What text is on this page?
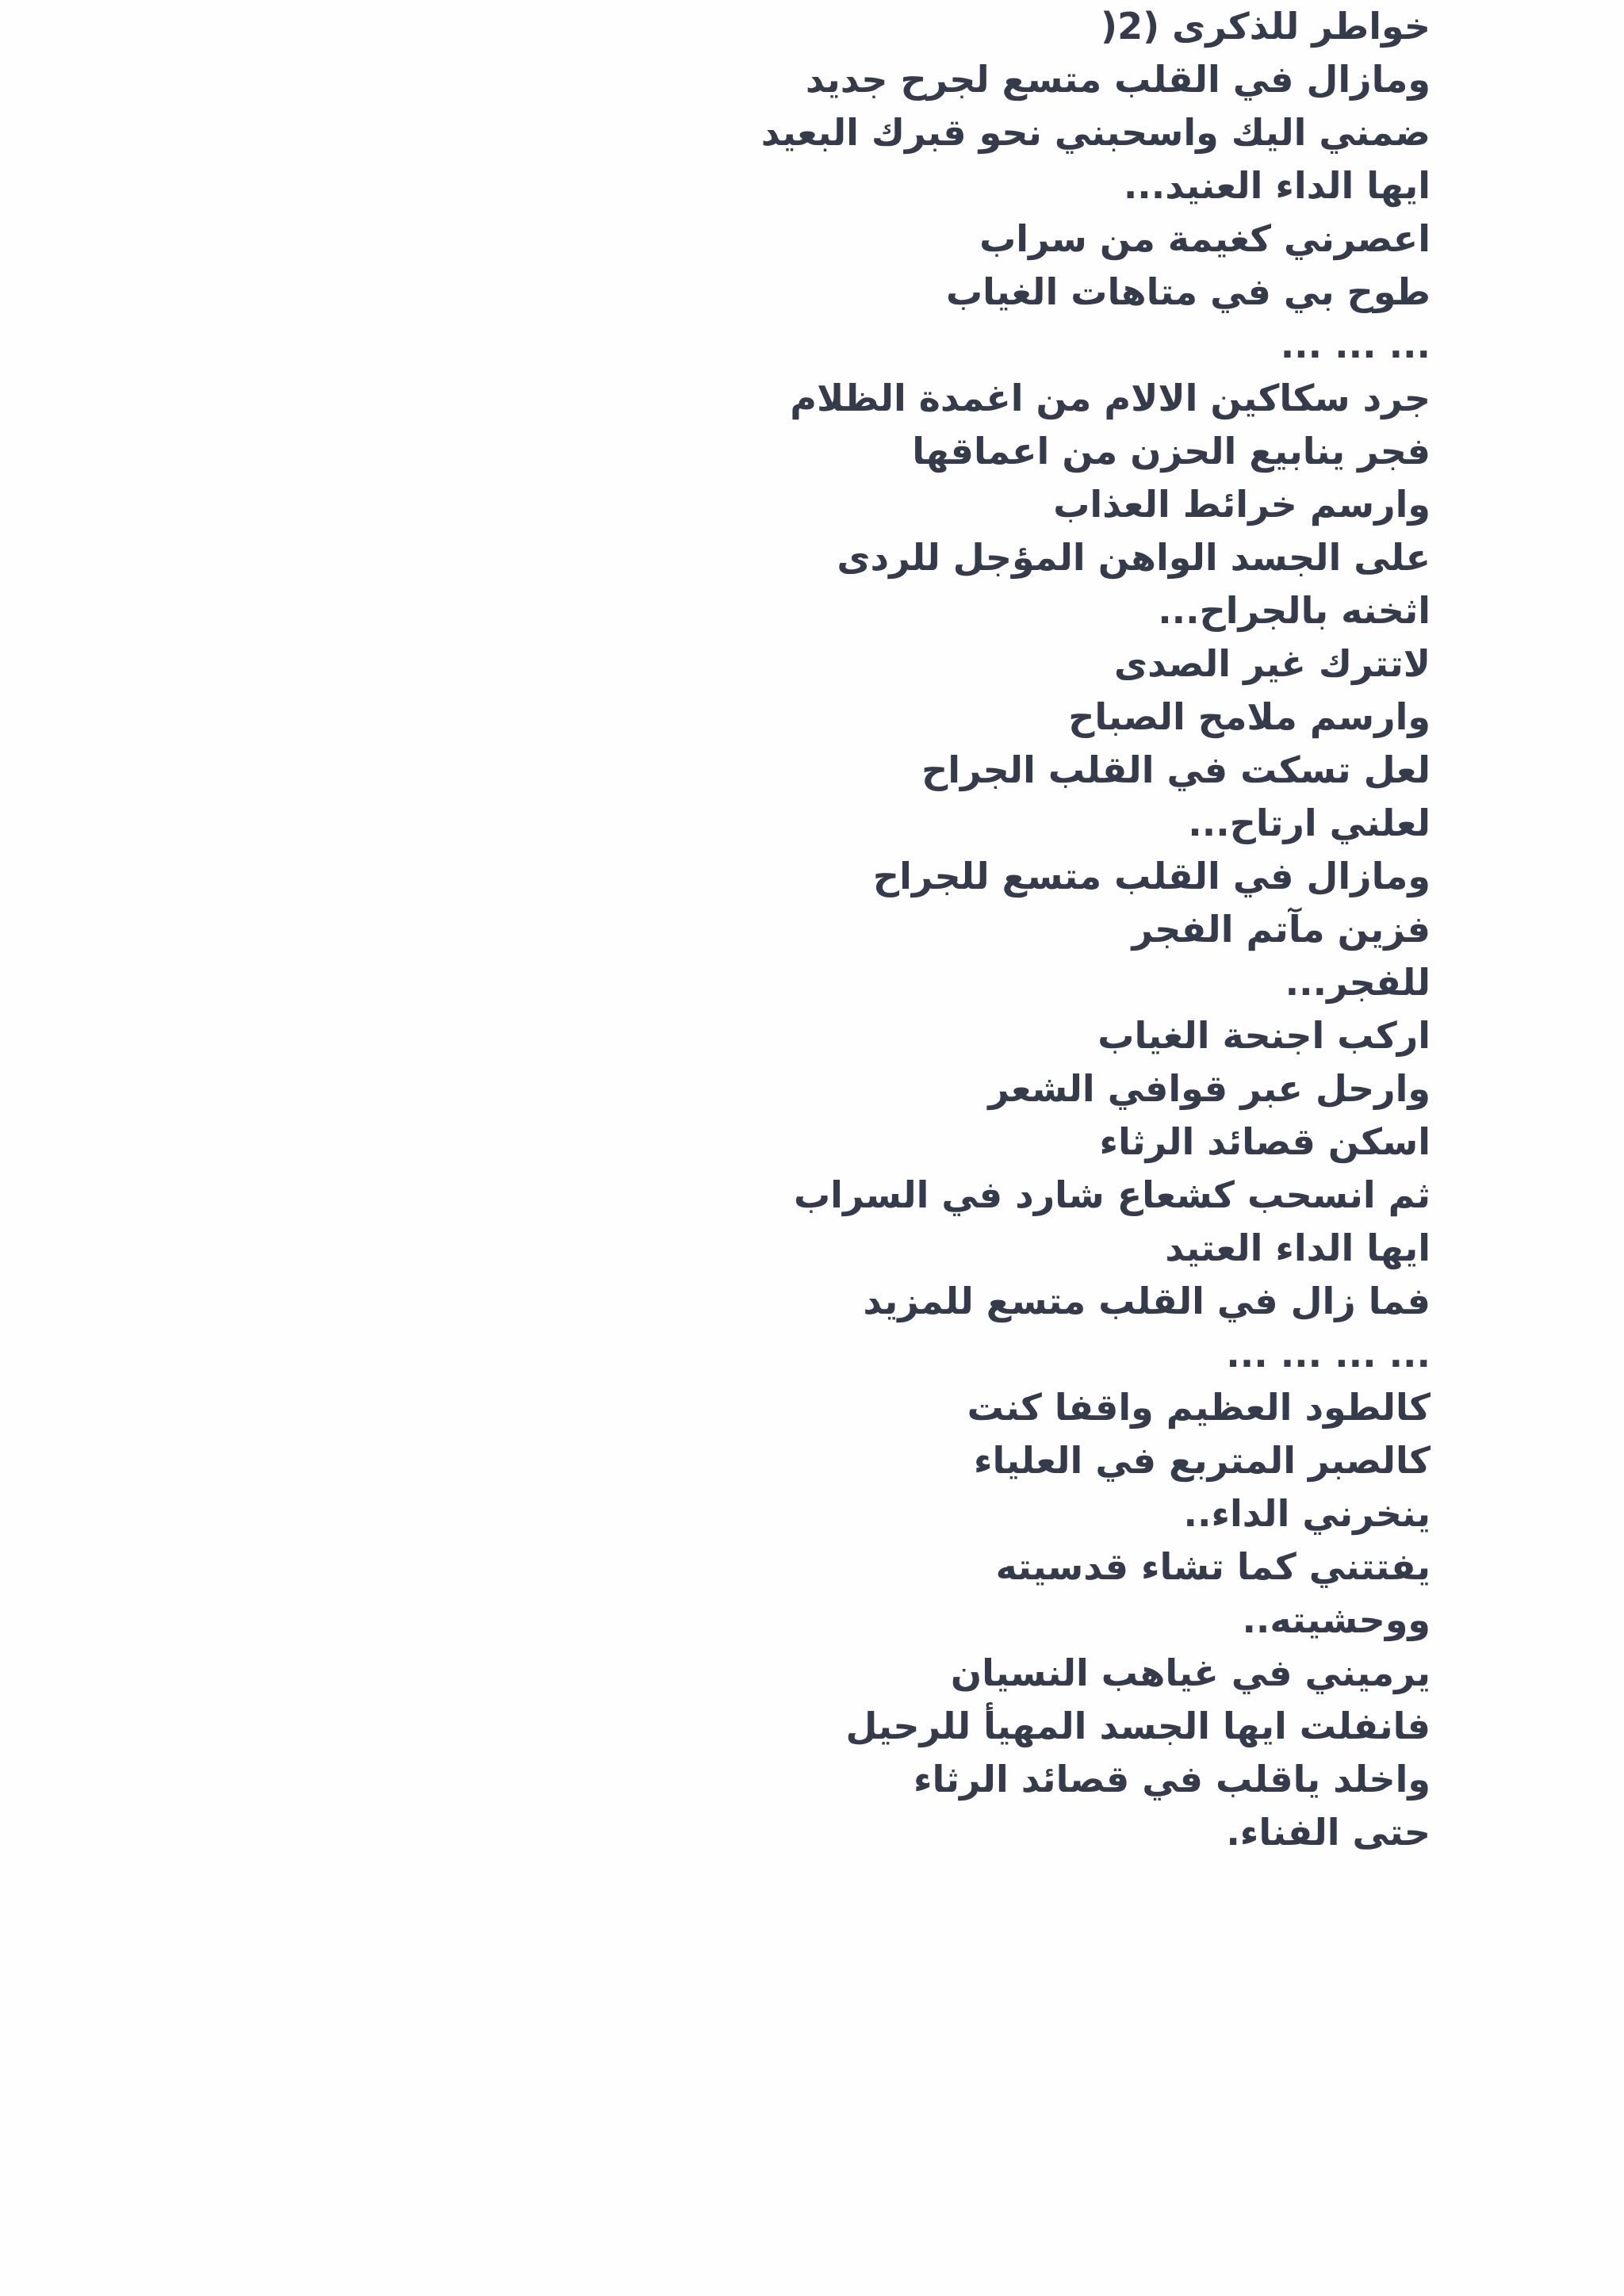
خواطر للذكرى (2(
ومازال في القلب متسع لجرح جديد
ضمني اليك واسحبني نحو قبرك البعيد
ايها الداء العنيد...
اعصرني كغيمة من سراب
طوح بي في متاهات الغياب
... ... ...
جرد سكاكين الالام من اغمدة الظلام
فجر ينابيع الحزن من اعماقها
وارسم خرائط العذاب
على الجسد الواهن المؤجل للردى
اثخنه بالجراح...
لاتترك غير الصدى
وارسم ملامح الصباح
لعل تسكت في القلب الجراح
لعلني ارتاح...
ومازال في القلب متسع للجراح
فزين مآتم الفجر
للفجر...
اركب اجنحة الغياب
وارحل عبر قوافي الشعر
اسكن قصائد الرثاء
ثم انسحب كشعاع شارد في السراب
ايها الداء العتيد
فما زال في القلب متسع للمزيد
... ... ... ...
كالطود العظيم واقفا كنت
كالصبر المتربع في العلياء
ينخرني الداء..
يفتتني كما تشاء قدسيته
ووحشيته..
يرميني في غياهب النسيان
فانفلت ايها الجسد المهيأ للرحيل
واخلد ياقلب في قصائد الرثاء
حتى الفناء.
